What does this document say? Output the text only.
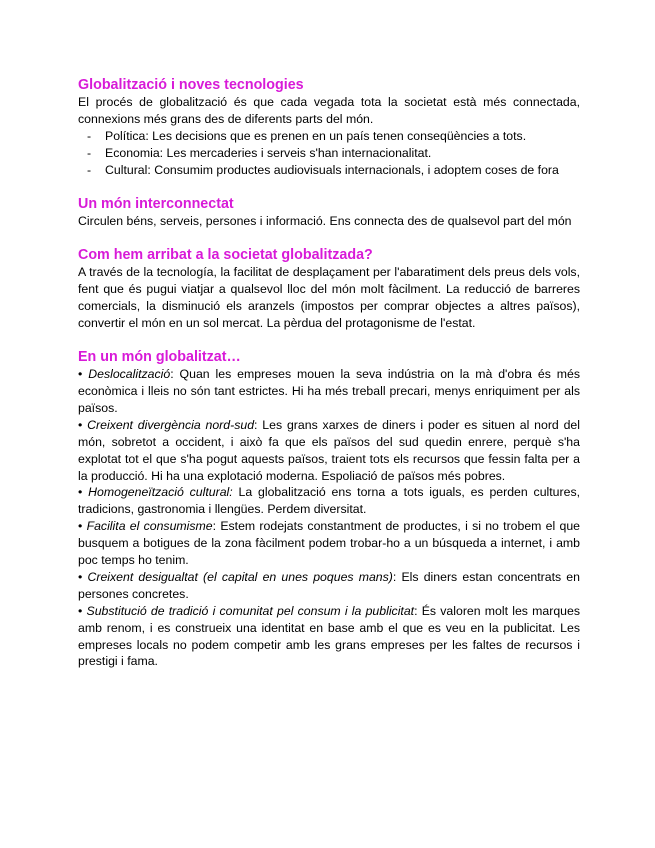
Globalització i noves tecnologies

El procés de globalització és que cada vegada tota la societat està més connectada, connexions més grans des de diferents parts del món.

- Política: Les decisions que es prenen en un país tenen conseqüències a tots.
- Economia: Les mercaderies i serveis s'han internacionalitat.
- Cultural: Consumim productes audiovisuals internacionals, i adoptem coses de fora
Un món interconnectat

Circulen béns, serveis, persones i informació. Ens connecta des de qualsevol part del món

Com hem arribat a la societat globalitzada?

A través de la tecnología, la facilitat de desplaçament per l'abaratiment dels preus dels vols, fent que és pugui viatjar a qualsevol lloc del món molt fàcilment. La reducció de barreres comercials, la disminució els aranzels (impostos per comprar objectes a altres països), convertir el món en un sol mercat. La pèrdua del protagonisme de l'estat.

En un món globalitzat…

• Deslocalització: Quan les empreses mouen la seva indústria on la mà d'obra és més econòmica i lleis no són tant estrictes. Hi ha més treball precari, menys enriquiment per als països.

• Creixent divergència nord-sud: Les grans xarxes de diners i poder es situen al nord del món, sobretot a occident, i això fa que els països del sud quedin enrere, perquè s'ha explotat tot el que s'ha pogut aquests països, traient tots els recursos que fessin falta per a la producció. Hi ha una explotació moderna. Espoliació de països més pobres.

• Homogeneïtzació cultural: La globalització ens torna a tots iguals, es perden cultures, tradicions, gastronomia i llengües. Perdem diversitat.

• Facilita el consumisme: Estem rodejats constantment de productes, i si no trobem el que busquem a botigues de la zona fàcilment podem trobar-ho a un búsqueda a internet, i amb poc temps ho tenim.

• Creixent desigualtat (el capital en unes poques mans): Els diners estan concentrats en persones concretes.

• Substitució de tradició i comunitat pel consum i la publicitat: És valoren molt les marques amb renom, i es construeix una identitat en base amb el que es veu en la publicitat. Les empreses locals no podem competir amb les grans empreses per les faltes de recursos i prestigi i fama.
